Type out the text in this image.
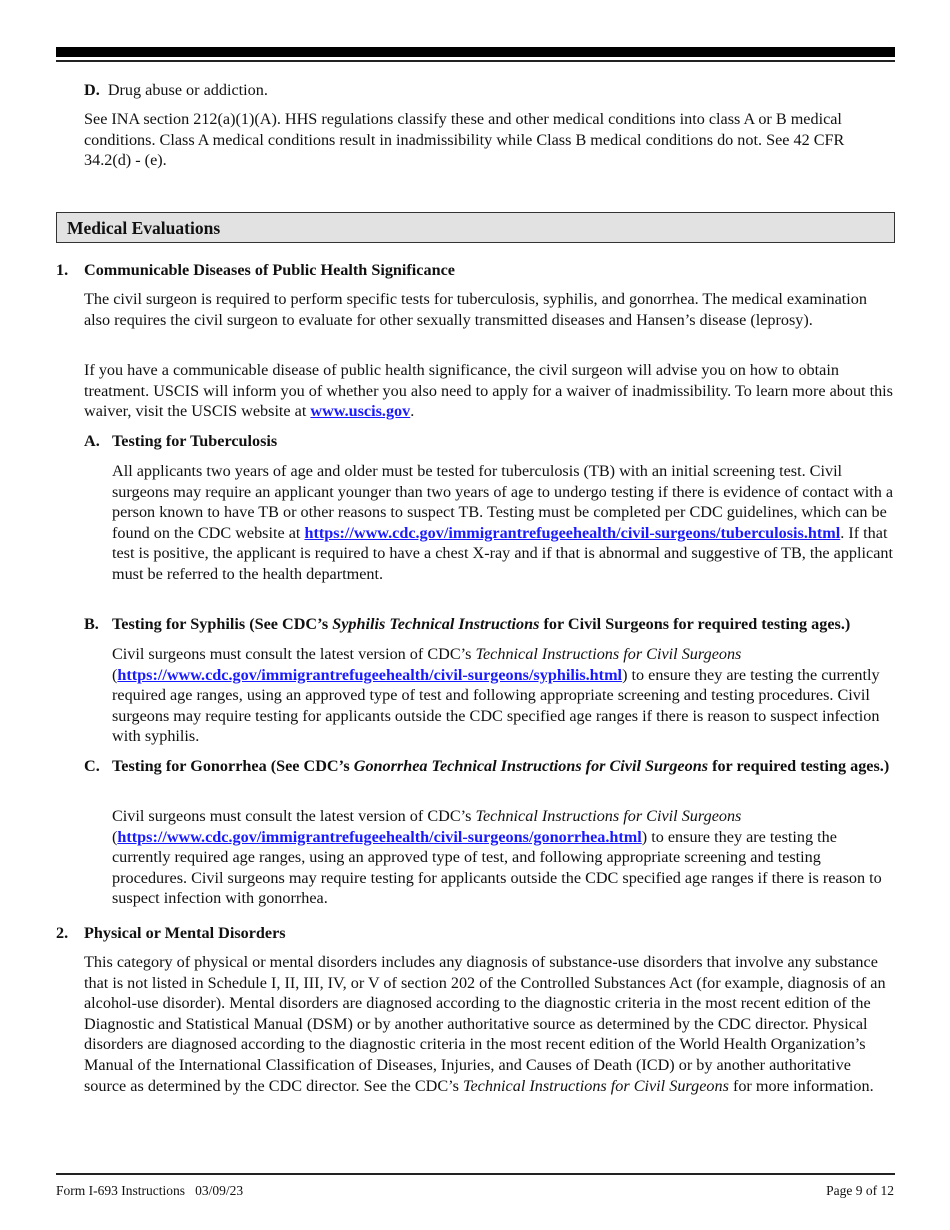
D. Drug abuse or addiction.

See INA section 212(a)(1)(A). HHS regulations classify these and other medical conditions into class A or B medical conditions. Class A medical conditions result in inadmissibility while Class B medical conditions do not. See 42 CFR 34.2(d) - (e).

Medical Evaluations

1. Communicable Diseases of Public Health Significance

The civil surgeon is required to perform specific tests for tuberculosis, syphilis, and gonorrhea. The medical examination also requires the civil surgeon to evaluate for other sexually transmitted diseases and Hansen’s disease (leprosy).

If you have a communicable disease of public health significance, the civil surgeon will advise you on how to obtain treatment. USCIS will inform you of whether you also need to apply for a waiver of inadmissibility. To learn more about this waiver, visit the USCIS website at www.uscis.gov.

A. Testing for Tuberculosis

All applicants two years of age and older must be tested for tuberculosis (TB) with an initial screening test. Civil surgeons may require an applicant younger than two years of age to undergo testing if there is evidence of contact with a person known to have TB or other reasons to suspect TB. Testing must be completed per CDC guidelines, which can be found on the CDC website at https://www.cdc.gov/immigrantrefugeehealth/civil-surgeons/tuberculosis.html. If that test is positive, the applicant is required to have a chest X-ray and if that is abnormal and suggestive of TB, the applicant must be referred to the health department.

B. Testing for Syphilis (See CDC’s Syphilis Technical Instructions for Civil Surgeons for required testing ages.)

Civil surgeons must consult the latest version of CDC’s Technical Instructions for Civil Surgeons (https://www.cdc.gov/immigrantrefugeehealth/civil-surgeons/syphilis.html) to ensure they are testing the currently required age ranges, using an approved type of test and following appropriate screening and testing procedures. Civil surgeons may require testing for applicants outside the CDC specified age ranges if there is reason to suspect infection with syphilis.

C. Testing for Gonorrhea (See CDC’s Gonorrhea Technical Instructions for Civil Surgeons for required testing ages.)

Civil surgeons must consult the latest version of CDC’s Technical Instructions for Civil Surgeons (https://www.cdc.gov/immigrantrefugeehealth/civil-surgeons/gonorrhea.html) to ensure they are testing the currently required age ranges, using an approved type of test, and following appropriate screening and testing procedures. Civil surgeons may require testing for applicants outside the CDC specified age ranges if there is reason to suspect infection with gonorrhea.

2. Physical or Mental Disorders

This category of physical or mental disorders includes any diagnosis of substance-use disorders that involve any substance that is not listed in Schedule I, II, III, IV, or V of section 202 of the Controlled Substances Act (for example, diagnosis of an alcohol-use disorder). Mental disorders are diagnosed according to the diagnostic criteria in the most recent edition of the Diagnostic and Statistical Manual (DSM) or by another authoritative source as determined by the CDC director. Physical disorders are diagnosed according to the diagnostic criteria in the most recent edition of the World Health Organization’s Manual of the International Classification of Diseases, Injuries, and Causes of Death (ICD) or by another authoritative source as determined by the CDC director. See the CDC’s Technical Instructions for Civil Surgeons for more information.

Form I-693 Instructions   03/09/23	Page 9 of 12
